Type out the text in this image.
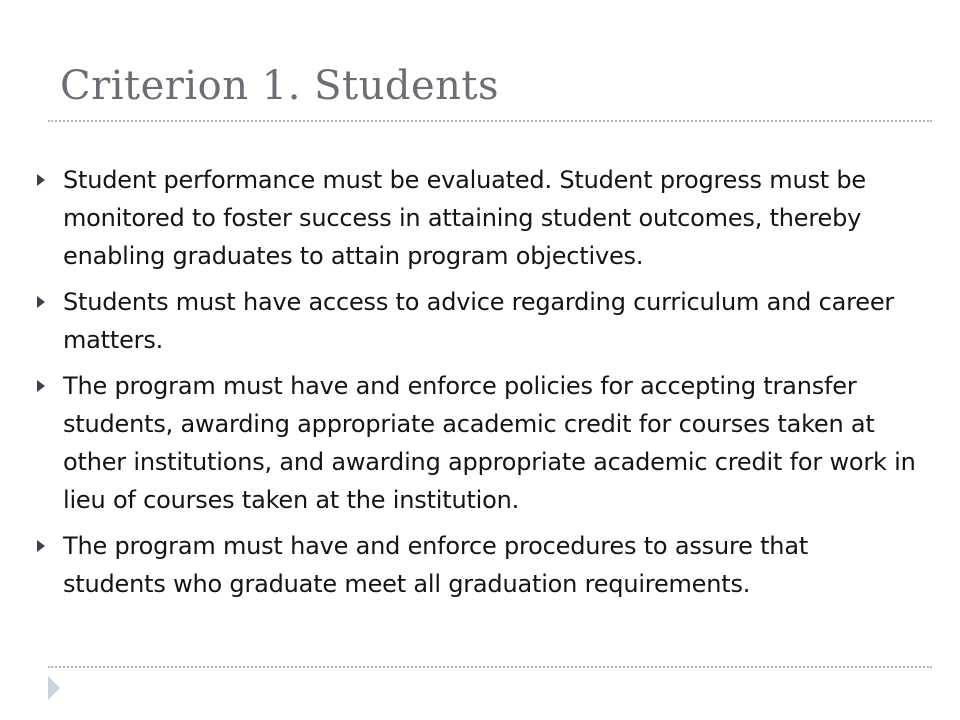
Criterion 1. Students
Student performance must be evaluated. Student progress must be monitored to foster success in attaining student outcomes, thereby enabling graduates to attain program objectives.
Students must have access to advice regarding curriculum and career matters.
The program must have and enforce policies for accepting transfer students, awarding appropriate academic credit for courses taken at other institutions, and awarding appropriate academic credit for work in lieu of courses taken at the institution.
The program must have and enforce procedures to assure that students who graduate meet all graduation requirements.
